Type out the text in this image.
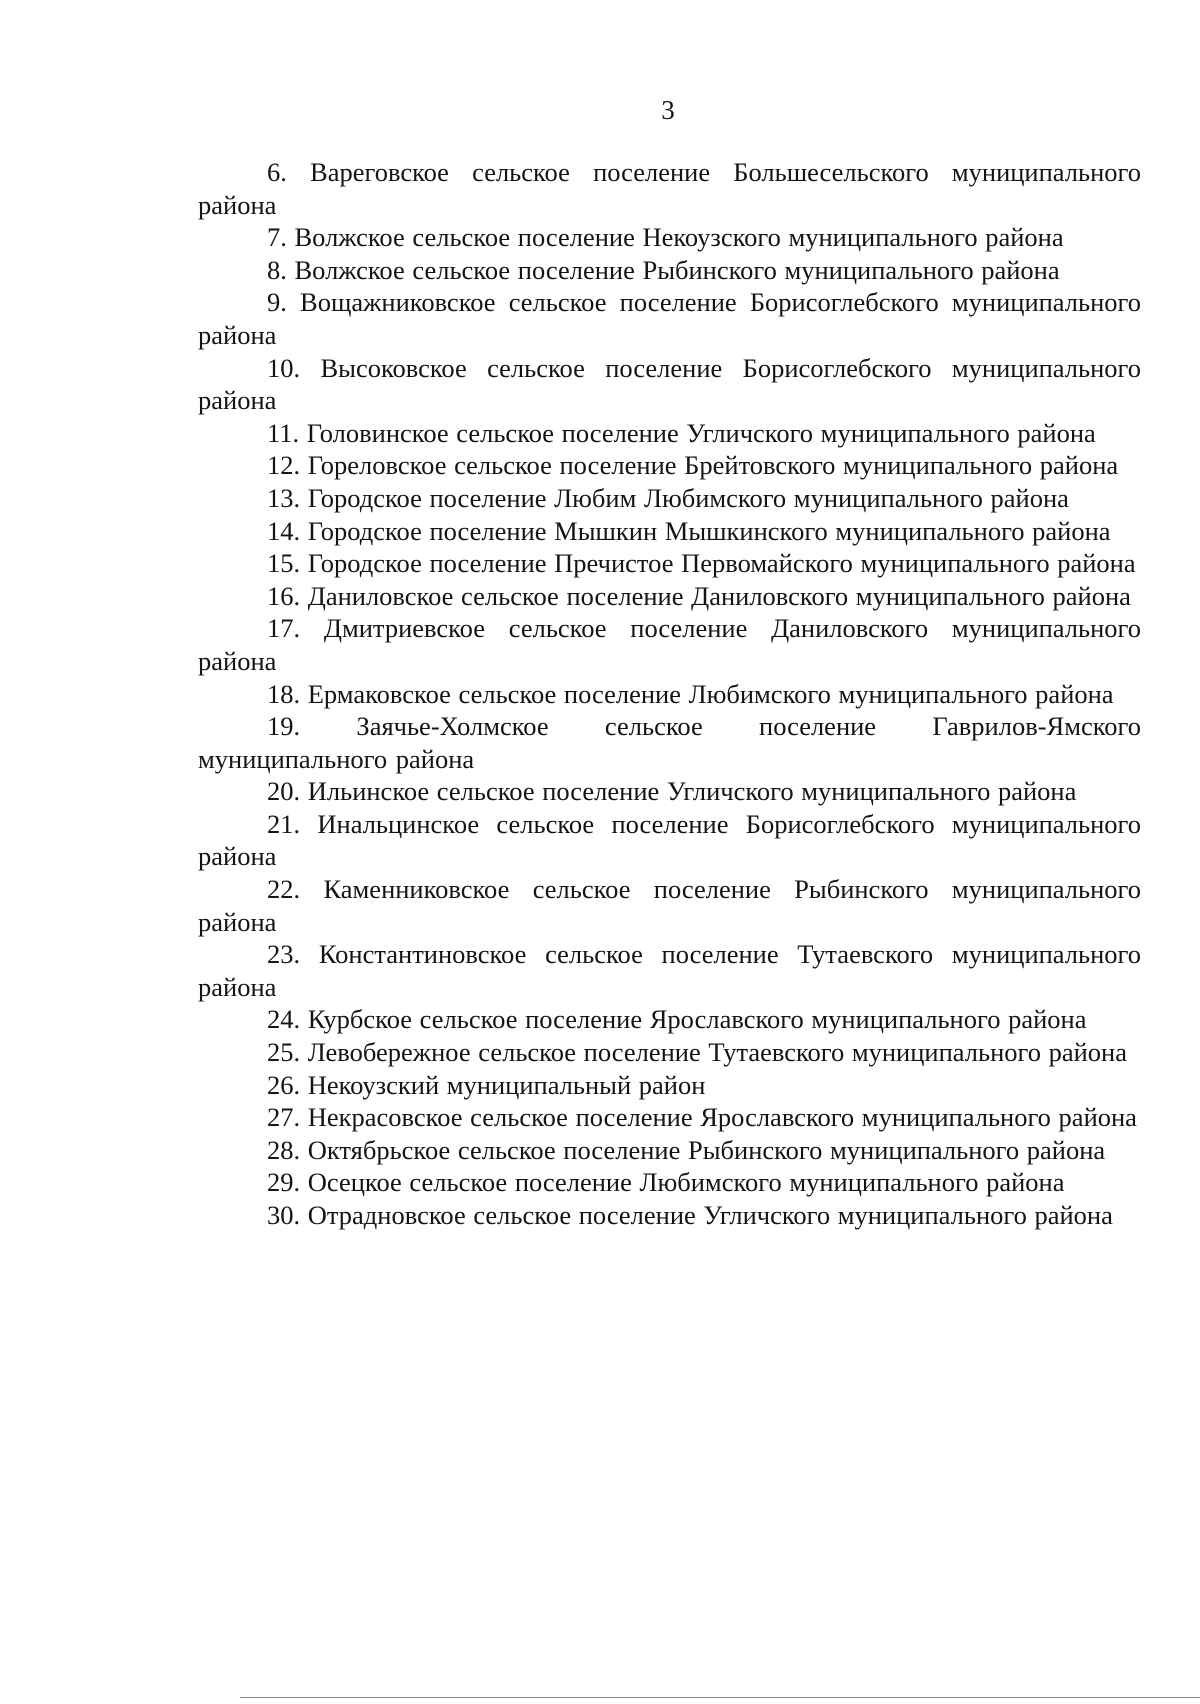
3

6. Вареговское сельское поселение Большесельского муниципального района

7. Волжское сельское поселение Некоузского муниципального района

8. Волжское сельское поселение Рыбинского муниципального района

9. Вощажниковское сельское поселение Борисоглебского муниципального района

10. Высоковское сельское поселение Борисоглебского муниципального района

11. Головинское сельское поселение Угличского муниципального района

12. Гореловское сельское поселение Брейтовского муниципального района

13. Городское поселение Любим Любимского муниципального района

14. Городское поселение Мышкин Мышкинского муниципального района

15. Городское поселение Пречистое Первомайского муниципального района

16. Даниловское сельское поселение Даниловского муниципального района

17. Дмитриевское сельское поселение Даниловского муниципального района

18. Ермаковское сельское поселение Любимского муниципального района

19. Заячье-Холмское сельское поселение Гаврилов-Ямского муниципального района

20. Ильинское сельское поселение Угличского муниципального района

21. Инальцинское сельское поселение Борисоглебского муниципального района

22. Каменниковское сельское поселение Рыбинского муниципального района

23. Константиновское сельское поселение Тутаевского муниципального района

24. Курбское сельское поселение Ярославского муниципального района

25. Левобережное сельское поселение Тутаевского муниципального района

26. Некоузский муниципальный район

27. Некрасовское сельское поселение Ярославского муниципального района

28. Октябрьское сельское поселение Рыбинского муниципального района

29. Осецкое сельское поселение Любимского муниципального района

30. Отрадновское сельское поселение Угличского муниципального района
